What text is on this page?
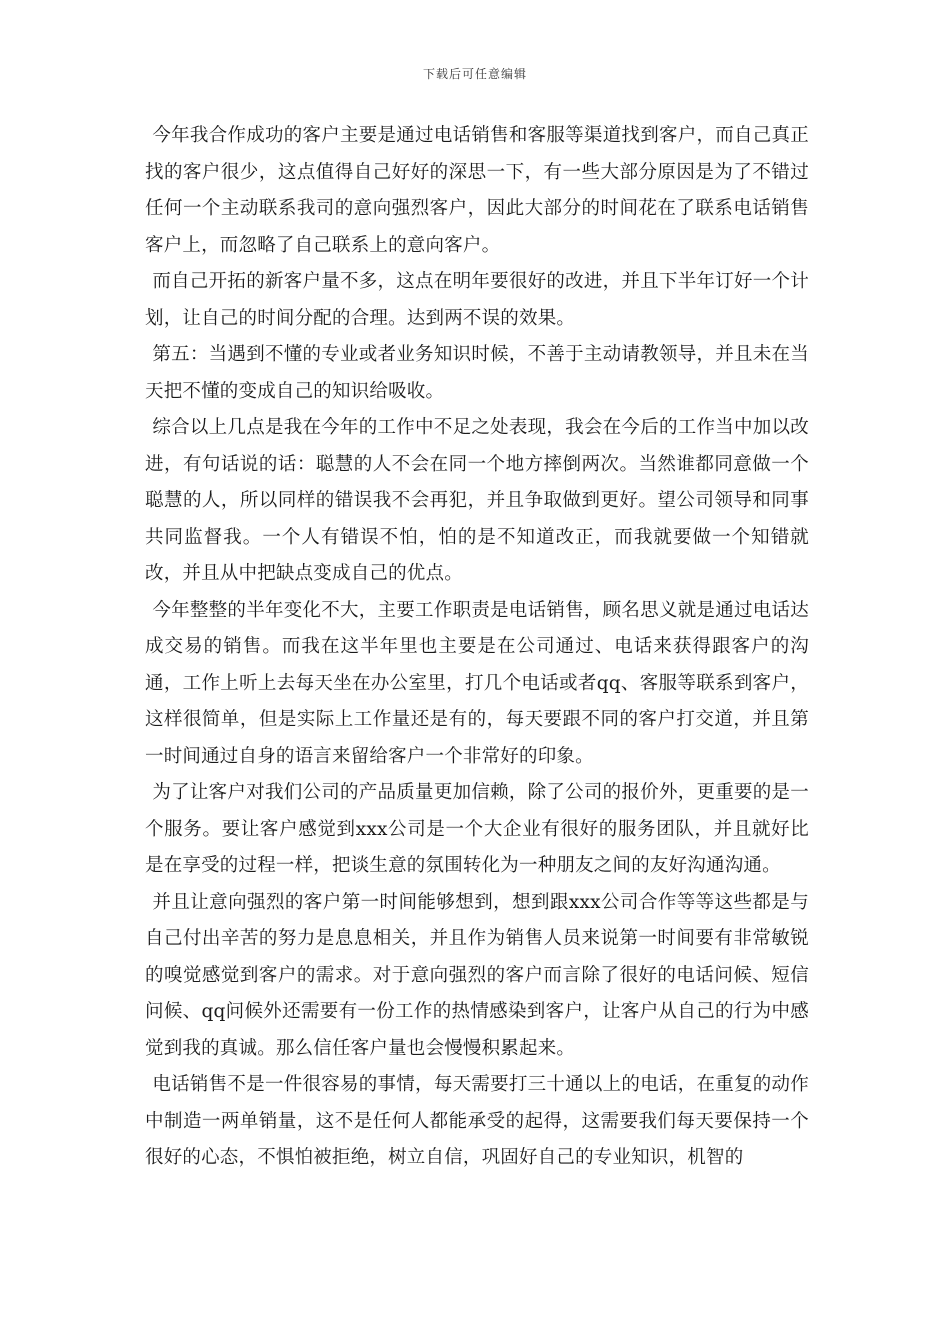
下载后可任意编辑

今年我合作成功的客户主要是通过电话销售和客服等渠道找到客户，而自己真正找的客户很少，这点值得自己好好的深思一下，有一些大部分原因是为了不错过任何一个主动联系我司的意向强烈客户，因此大部分的时间花在了联系电话销售客户上，而忽略了自己联系上的意向客户。

而自己开拓的新客户量不多，这点在明年要很好的改进，并且下半年订好一个计划，让自己的时间分配的合理。达到两不误的效果。

第五：当遇到不懂的专业或者业务知识时候，不善于主动请教领导，并且未在当天把不懂的变成自己的知识给吸收。

综合以上几点是我在今年的工作中不足之处表现，我会在今后的工作当中加以改进，有句话说的话：聪慧的人不会在同一个地方摔倒两次。当然谁都同意做一个聪慧的人，所以同样的错误我不会再犯，并且争取做到更好。望公司领导和同事共同监督我。一个人有错误不怕，怕的是不知道改正，而我就要做一个知错就改，并且从中把缺点变成自己的优点。

今年整整的半年变化不大，主要工作职责是电话销售，顾名思义就是通过电话达成交易的销售。而我在这半年里也主要是在公司通过、电话来获得跟客户的沟通，工作上听上去每天坐在办公室里，打几个电话或者qq、客服等联系到客户，这样很简单，但是实际上工作量还是有的，每天要跟不同的客户打交道，并且第一时间通过自身的语言来留给客户一个非常好的印象。

为了让客户对我们公司的产品质量更加信赖，除了公司的报价外，更重要的是一个服务。要让客户感觉到xxx公司是一个大企业有很好的服务团队，并且就好比是在享受的过程一样，把谈生意的氛围转化为一种朋友之间的友好沟通沟通。

并且让意向强烈的客户第一时间能够想到，想到跟xxx公司合作等等这些都是与自己付出辛苦的努力是息息相关，并且作为销售人员来说第一时间要有非常敏锐的嗅觉感觉到客户的需求。对于意向强烈的客户而言除了很好的电话问候、短信问候、qq问候外还需要有一份工作的热情感染到客户，让客户从自己的行为中感觉到我的真诚。那么信任客户量也会慢慢积累起来。

电话销售不是一件很容易的事情，每天需要打三十通以上的电话，在重复的动作中制造一两单销量，这不是任何人都能承受的起得，这需要我们每天要保持一个很好的心态，不惧怕被拒绝，树立自信，巩固好自己的专业知识，机智的
